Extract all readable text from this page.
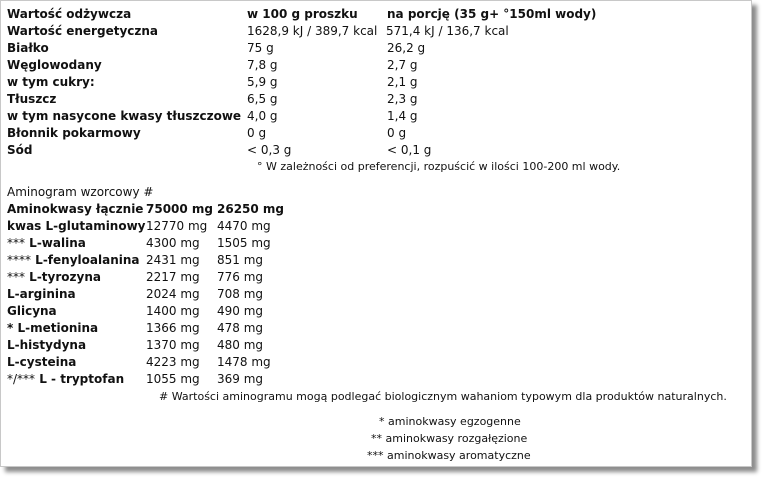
Wartość odżywcza	w 100 g proszku na porcję (35 g+ °150ml wody)
Wartość energetyczna	1628,9 kJ / 389,7 kcal 571,4 kJ / 136,7 kcal
Białko	75 g	26,2 g
Węglowodany	7,8 g	2,7 g
w tym cukry:	5,9 g	2,1 g
Tłuszcz	6,5 g	2,3 g
w tym nasycone kwasy tłuszczowe 4,0 g	1,4 g
Błonnik pokarmowy	0 g	0 g
Sód	< 0,3 g	< 0,1 g
° W zależności od preferencji, rozpuścić w ilości 100-200 ml wody.
Aminogram wzorcowy #
Aminokwasy łącznie 75000 mg 26250 mg
kwas L-glutaminowy 12770 mg 4470 mg
*** L-walina	4300 mg 1505 mg
**** L-fenyloalanina 2431 mg 851 mg
*** L-tyrozyna	2217 mg 776 mg
L-arginina	2024 mg 708 mg
Glicyna	1400 mg 490 mg
* L-metionina	1366 mg 478 mg
L-histydyna	1370 mg 480 mg
L-cysteina	4223 mg 1478 mg
*/*** L - tryptofan 1055 mg 369 mg
# Wartości aminogramu mogą podlegać biologicznym wahaniom typowym dla produktów naturalnych.
* aminokwasy egzogenne
** aminokwasy rozgałęzione
*** aminokwasy aromatyczne
